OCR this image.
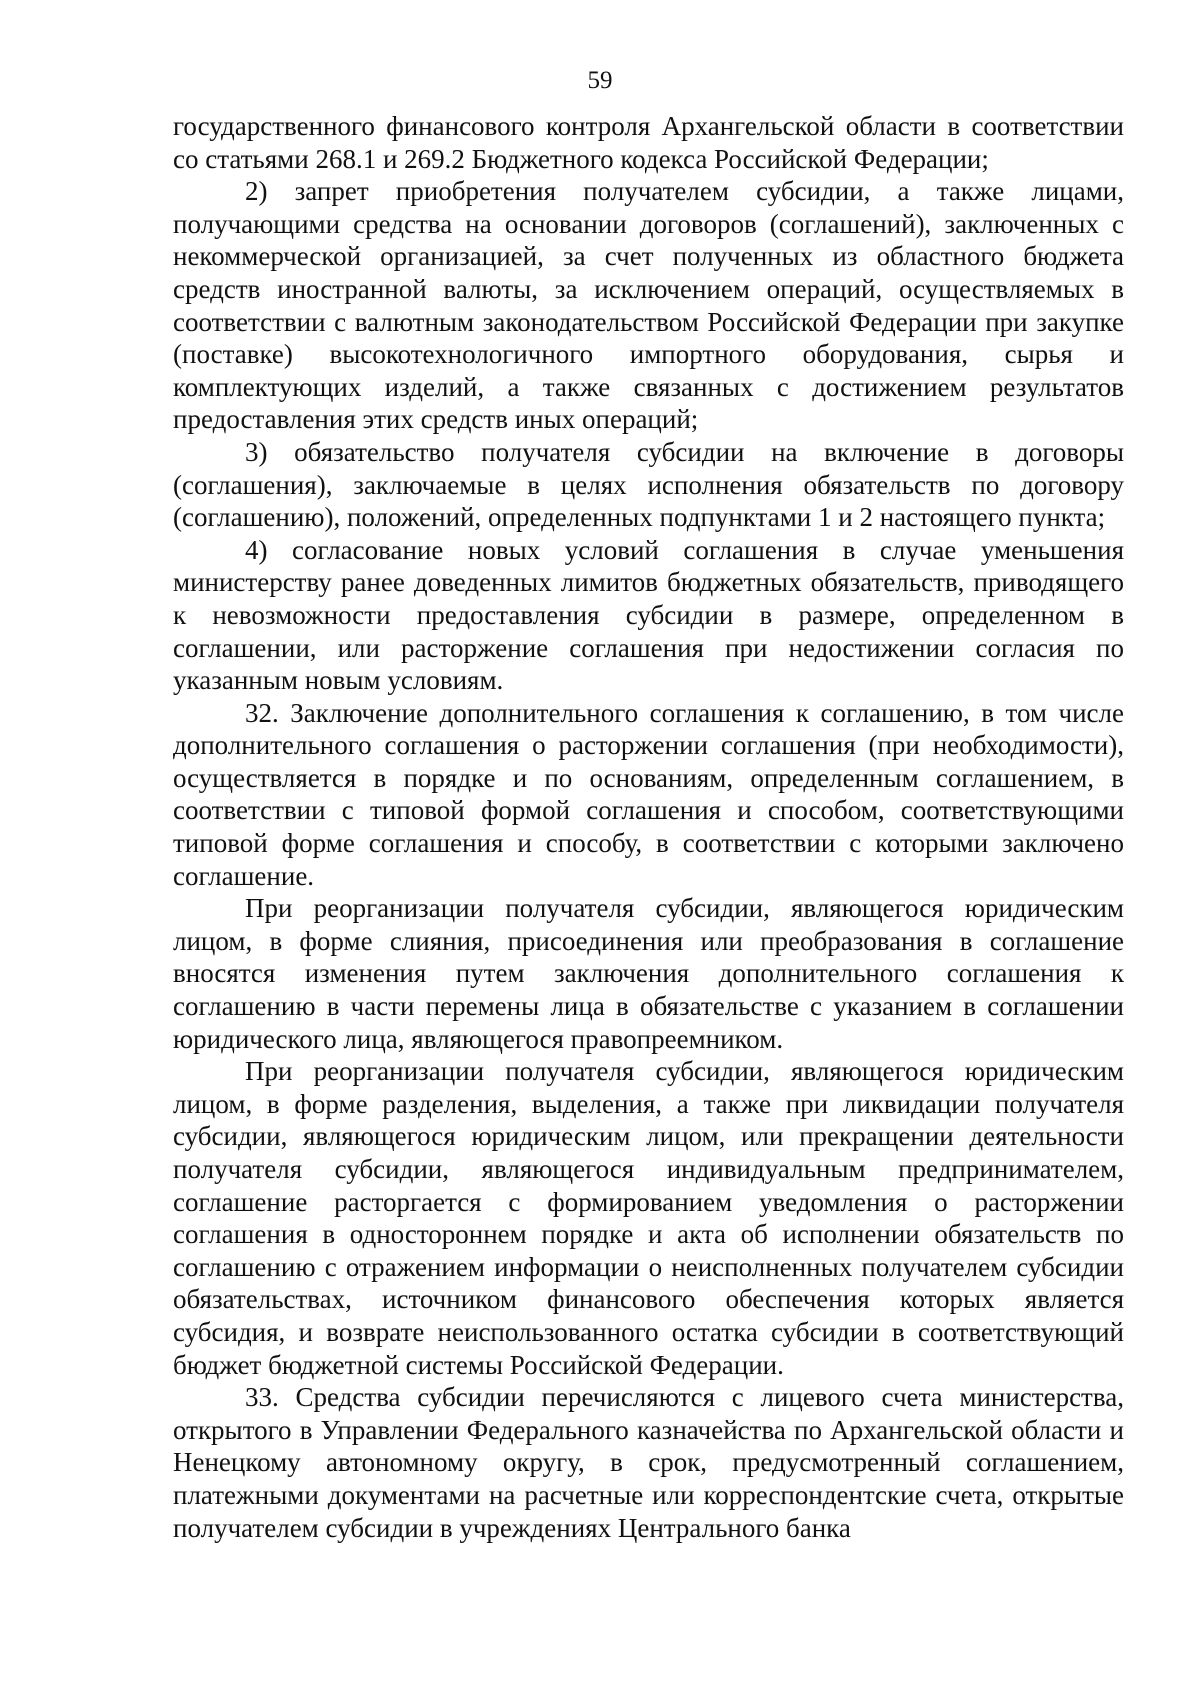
59

государственного финансового контроля Архангельской области в соответствии со статьями 268.1 и 269.2 Бюджетного кодекса Российской Федерации;

2) запрет приобретения получателем субсидии, а также лицами, получающими средства на основании договоров (соглашений), заключенных с некоммерческой организацией, за счет полученных из областного бюджета средств иностранной валюты, за исключением операций, осуществляемых в соответствии с валютным законодательством Российской Федерации при закупке (поставке) высокотехнологичного импортного оборудования, сырья и комплектующих изделий, а также связанных с достижением результатов предоставления этих средств иных операций;

3) обязательство получателя субсидии на включение в договоры (соглашения), заключаемые в целях исполнения обязательств по договору (соглашению), положений, определенных подпунктами 1 и 2 настоящего пункта;

4) согласование новых условий соглашения в случае уменьшения министерству ранее доведенных лимитов бюджетных обязательств, приводящего к невозможности предоставления субсидии в размере, определенном в соглашении, или расторжение соглашения при недостижении согласия по указанным новым условиям.

32. Заключение дополнительного соглашения к соглашению, в том числе дополнительного соглашения о расторжении соглашения (при необходимости), осуществляется в порядке и по основаниям, определенным соглашением, в соответствии с типовой формой соглашения и способом, соответствующими типовой форме соглашения и способу, в соответствии с которыми заключено соглашение.

При реорганизации получателя субсидии, являющегося юридическим лицом, в форме слияния, присоединения или преобразования в соглашение вносятся изменения путем заключения дополнительного соглашения к соглашению в части перемены лица в обязательстве с указанием в соглашении юридического лица, являющегося правопреемником.

При реорганизации получателя субсидии, являющегося юридическим лицом, в форме разделения, выделения, а также при ликвидации получателя субсидии, являющегося юридическим лицом, или прекращении деятельности получателя субсидии, являющегося индивидуальным предпринимателем, соглашение расторгается с формированием уведомления о расторжении соглашения в одностороннем порядке и акта об исполнении обязательств по соглашению с отражением информации о неисполненных получателем субсидии обязательствах, источником финансового обеспечения которых является субсидия, и возврате неиспользованного остатка субсидии в соответствующий бюджет бюджетной системы Российской Федерации.

33. Средства субсидии перечисляются с лицевого счета министерства, открытого в Управлении Федерального казначейства по Архангельской области и Ненецкому автономному округу, в срок, предусмотренный соглашением, платежными документами на расчетные или корреспондентские счета, открытые получателем субсидии в учреждениях Центрального банка
